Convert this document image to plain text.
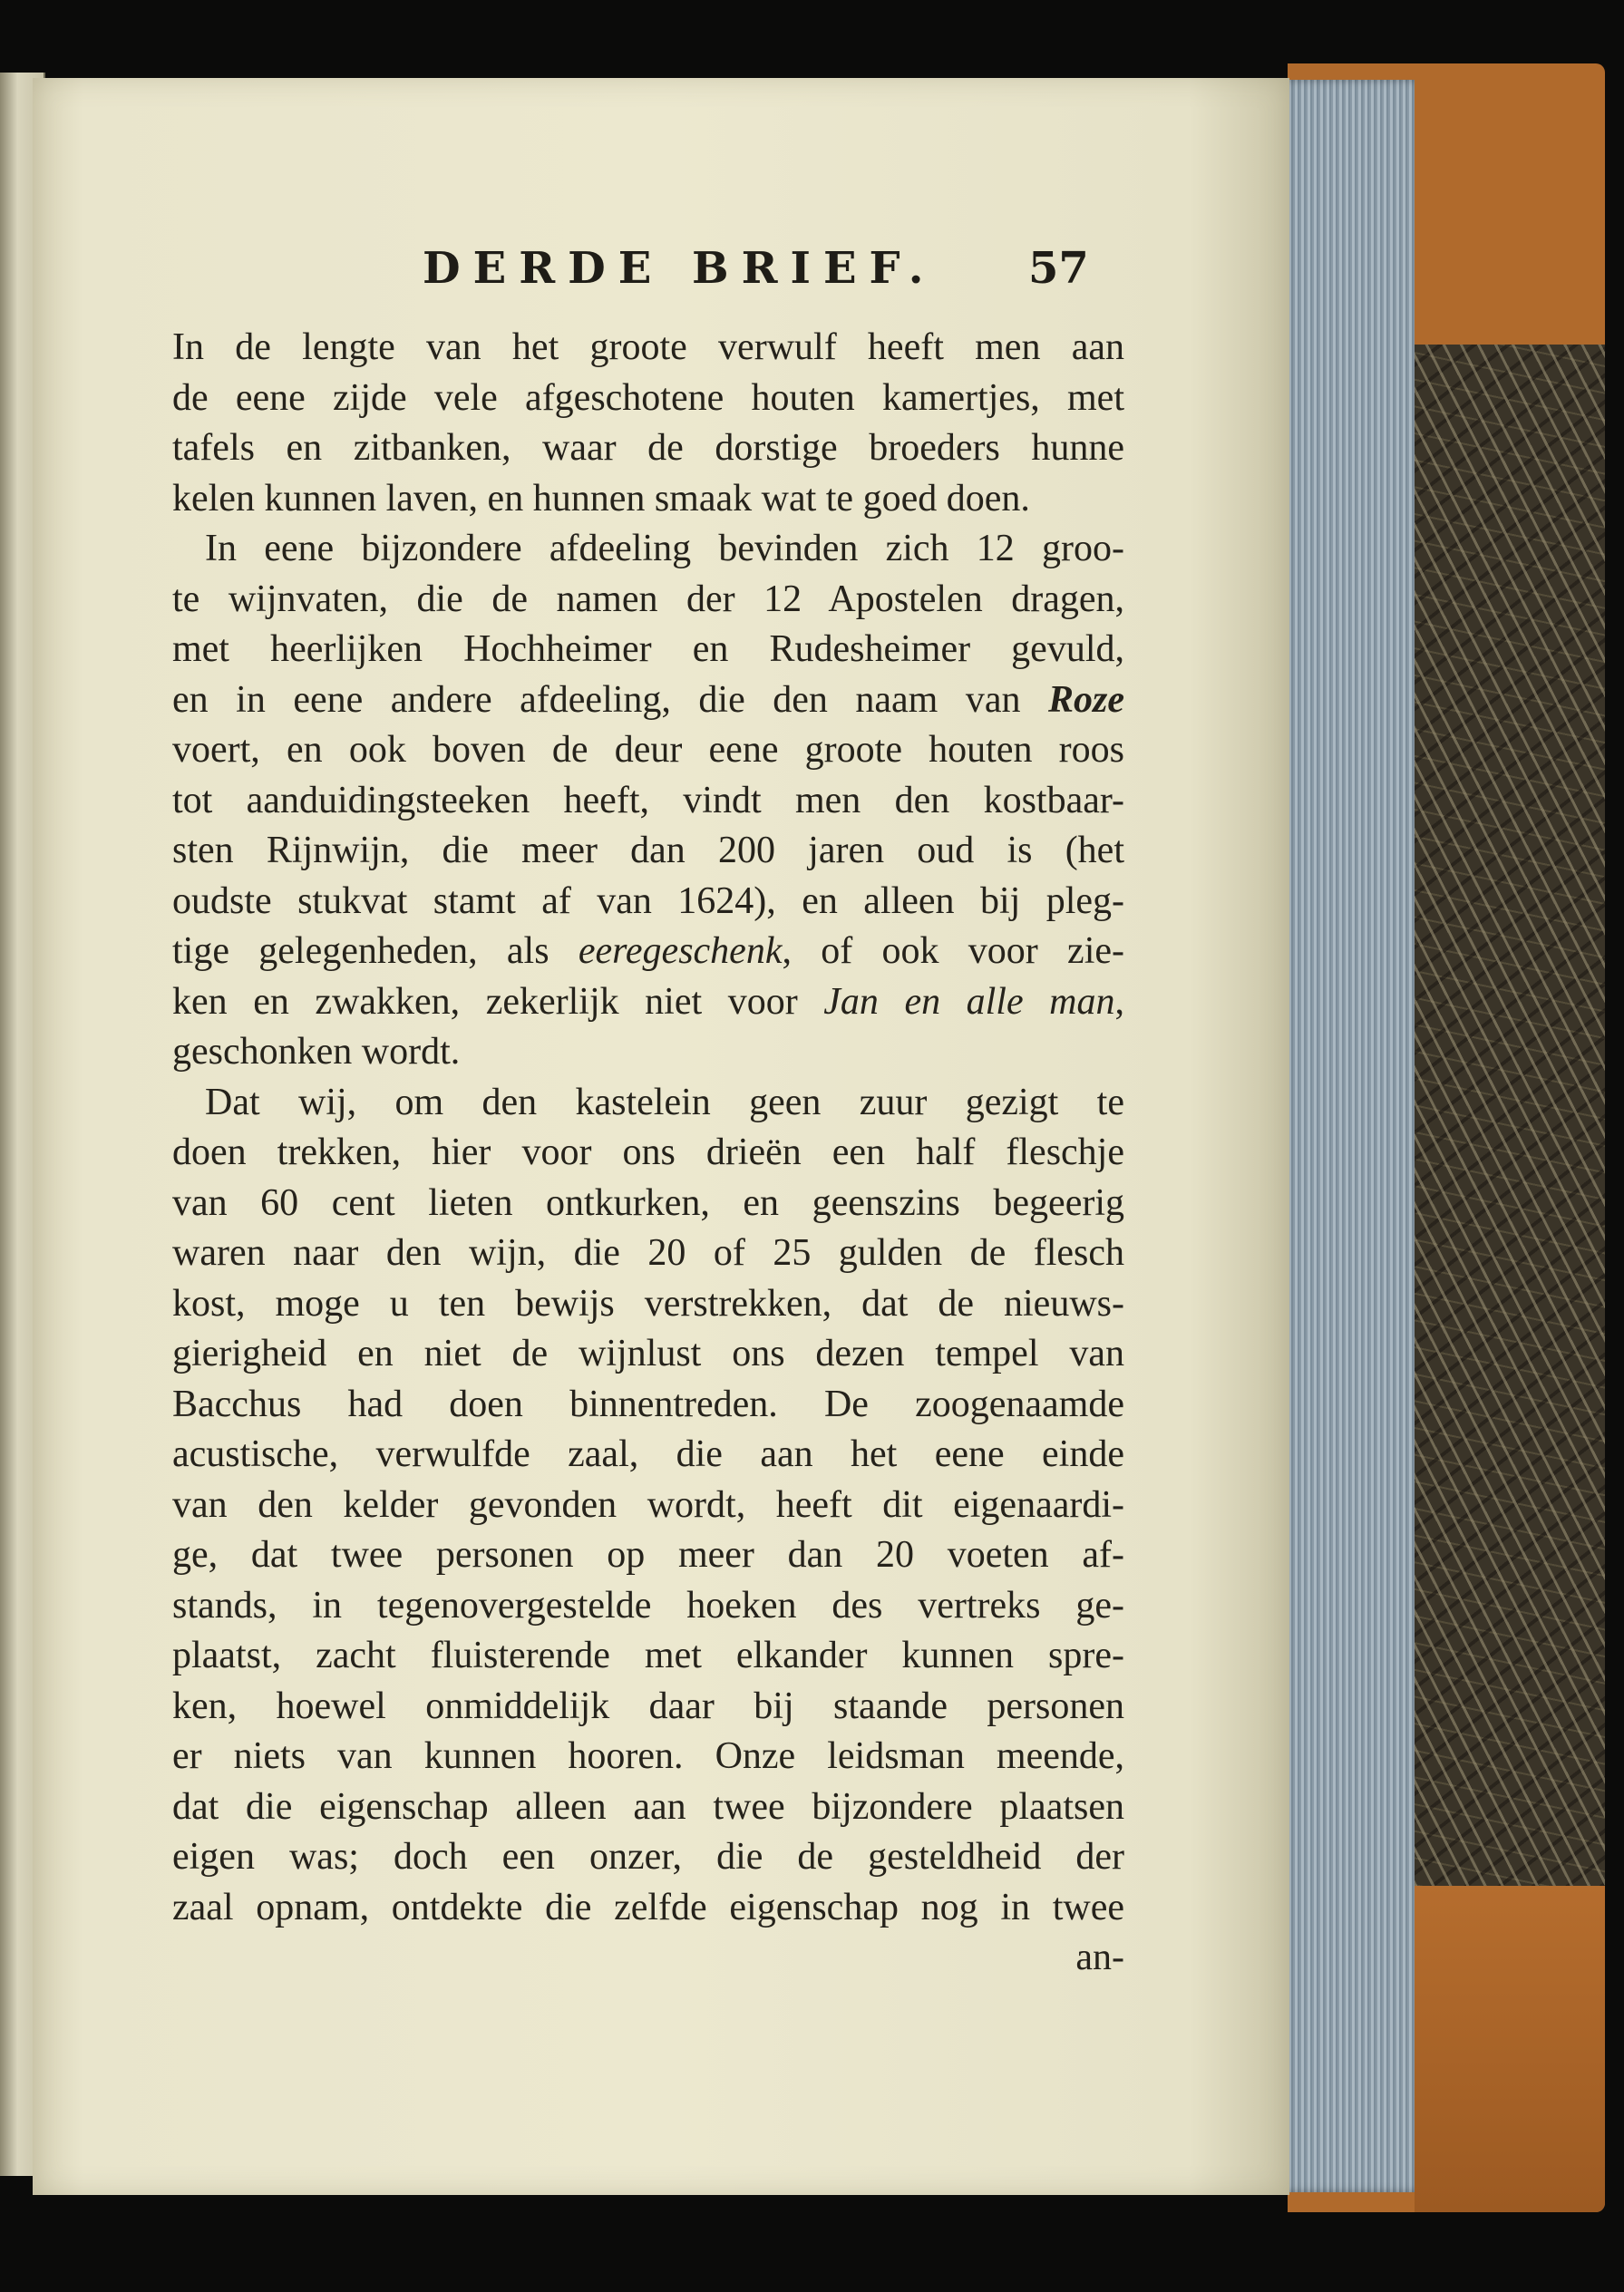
DERDE BRIEF. 57
In de lengte van het groote verwulf heeft men aan
de eene zijde vele afgeschotene houten kamertjes, met
tafels en zitbanken, waar de dorstige broeders hunne
kelen kunnen laven, en hunnen smaak wat te goed doen.
In eene bijzondere afdeeling bevinden zich 12 groo-
te wijnvaten, die de namen der 12 Apostelen dragen,
met heerlijken Hochheimer en Rudesheimer gevuld,
en in eene andere afdeeling, die den naam van Roze
voert, en ook boven de deur eene groote houten roos
tot aanduidingsteeken heeft, vindt men den kostbaar-
sten Rijnwijn, die meer dan 200 jaren oud is (het
oudste stukvat stamt af van 1624), en alleen bij pleg-
tige gelegenheden, als eeregeschenk, of ook voor zie-
ken en zwakken, zekerlijk niet voor Jan en alle man,
geschonken wordt.
Dat wij, om den kastelein geen zuur gezigt te
doen trekken, hier voor ons drieën een half fleschje
van 60 cent lieten ontkurken, en geenszins begeerig
waren naar den wijn, die 20 of 25 gulden de flesch
kost, moge u ten bewijs verstrekken, dat de nieuws-
gierigheid en niet de wijnlust ons dezen tempel van
Bacchus had doen binnentreden. De zoogenaamde
acustische, verwulfde zaal, die aan het eene einde
van den kelder gevonden wordt, heeft dit eigenaardi-
ge, dat twee personen op meer dan 20 voeten af-
stands, in tegenovergestelde hoeken des vertreks ge-
plaatst, zacht fluisterende met elkander kunnen spre-
ken, hoewel onmiddelijk daar bij staande personen
er niets van kunnen hooren. Onze leidsman meende,
dat die eigenschap alleen aan twee bijzondere plaatsen
eigen was; doch een onzer, die de gesteldheid der
zaal opnam, ontdekte die zelfde eigenschap nog in twee
an-
